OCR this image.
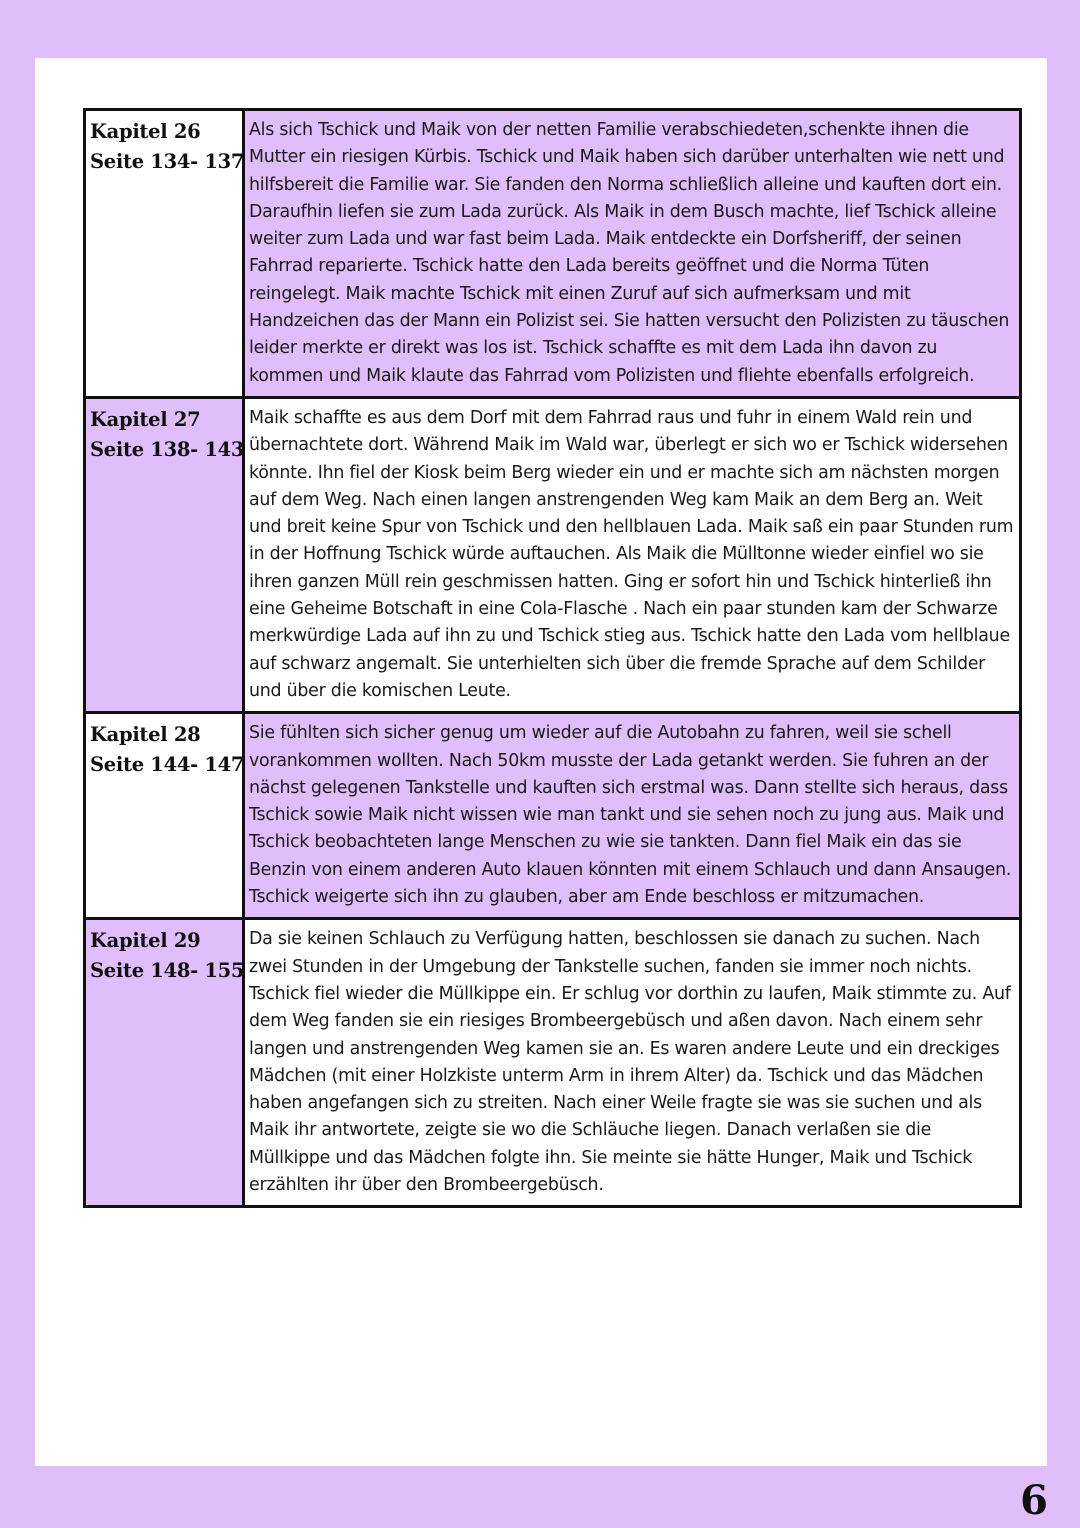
Kapitel 26
Seite 134- 137

Als sich Tschick und Maik von der netten Familie verabschiedeten,schenkte ihnen die Mutter ein riesigen Kürbis. Tschick und Maik haben sich darüber unterhalten wie nett und hilfsbereit die Familie war. Sie fanden den Norma schließlich alleine und kauften dort ein. Daraufhin liefen sie zum Lada zurück. Als Maik in dem Busch machte, lief Tschick alleine weiter zum Lada und war fast beim Lada. Maik entdeckte ein Dorfsheriff, der seinen Fahrrad reparierte. Tschick hatte den Lada bereits geöffnet und die Norma Tüten reingelegt. Maik machte Tschick mit einen Zuruf auf sich aufmerksam und mit Handzeichen das der Mann ein Polizist sei. Sie hatten versucht den Polizisten zu täuschen leider merkte er direkt was los ist. Tschick schaffte es mit dem Lada ihn davon zu kommen und Maik klaute das Fahrrad vom Polizisten und fliehte ebenfalls erfolgreich.

Kapitel 27
Seite 138- 143

Maik schaffte es aus dem Dorf mit dem Fahrrad raus und fuhr in einem Wald rein und übernachtete dort. Während Maik im Wald war, überlegt er sich wo er Tschick widersehen könnte. Ihn fiel der Kiosk beim Berg wieder ein und er machte sich am nächsten morgen auf dem Weg. Nach einen langen anstrengenden Weg kam Maik an dem Berg an. Weit und breit keine Spur von Tschick und den hellblauen Lada. Maik saß ein paar Stunden rum in der Hoffnung Tschick würde auftauchen. Als Maik die Mülltonne wieder einfiel wo sie ihren ganzen Müll rein geschmissen hatten. Ging er sofort hin und Tschick hinterließ ihn eine Geheime Botschaft in eine Cola-Flasche . Nach ein paar stunden kam der Schwarze merkwürdige Lada auf ihn zu und Tschick stieg aus. Tschick hatte den Lada vom hellblaue auf schwarz angemalt. Sie unterhielten sich über die fremde Sprache auf dem Schilder und über die komischen Leute.

Kapitel 28
Seite 144- 147

Sie fühlten sich sicher genug um wieder auf die Autobahn zu fahren, weil sie schell vorankommen wollten. Nach 50km musste der Lada getankt werden. Sie fuhren an der nächst gelegenen Tankstelle und kauften sich erstmal was. Dann stellte sich heraus, dass Tschick sowie Maik nicht wissen wie man tankt und sie sehen noch zu jung aus. Maik und Tschick beobachteten lange Menschen zu wie sie tankten. Dann fiel Maik ein das sie Benzin von einem anderen Auto klauen könnten mit einem Schlauch und dann Ansaugen. Tschick weigerte sich ihn zu glauben, aber am Ende beschloss er mitzumachen.

Kapitel 29
Seite 148- 155

Da sie keinen Schlauch zu Verfügung hatten, beschlossen sie danach zu suchen. Nach zwei Stunden in der Umgebung der Tankstelle suchen, fanden sie immer noch nichts. Tschick fiel wieder die Müllkippe ein. Er schlug vor dorthin zu laufen, Maik stimmte zu. Auf dem Weg fanden sie ein riesiges Brombeergebüsch und aßen davon. Nach einem sehr langen und anstrengenden Weg kamen sie an. Es waren andere Leute und ein dreckiges Mädchen (mit einer Holzkiste unterm Arm in ihrem Alter) da. Tschick und das Mädchen haben angefangen sich zu streiten. Nach einer Weile fragte sie was sie suchen und als Maik ihr antwortete, zeigte sie wo die Schläuche liegen. Danach verlaßen sie die Müllkippe und das Mädchen folgte ihn. Sie meinte sie hätte Hunger, Maik und Tschick erzählten ihr über den Brombeergebüsch.

6
